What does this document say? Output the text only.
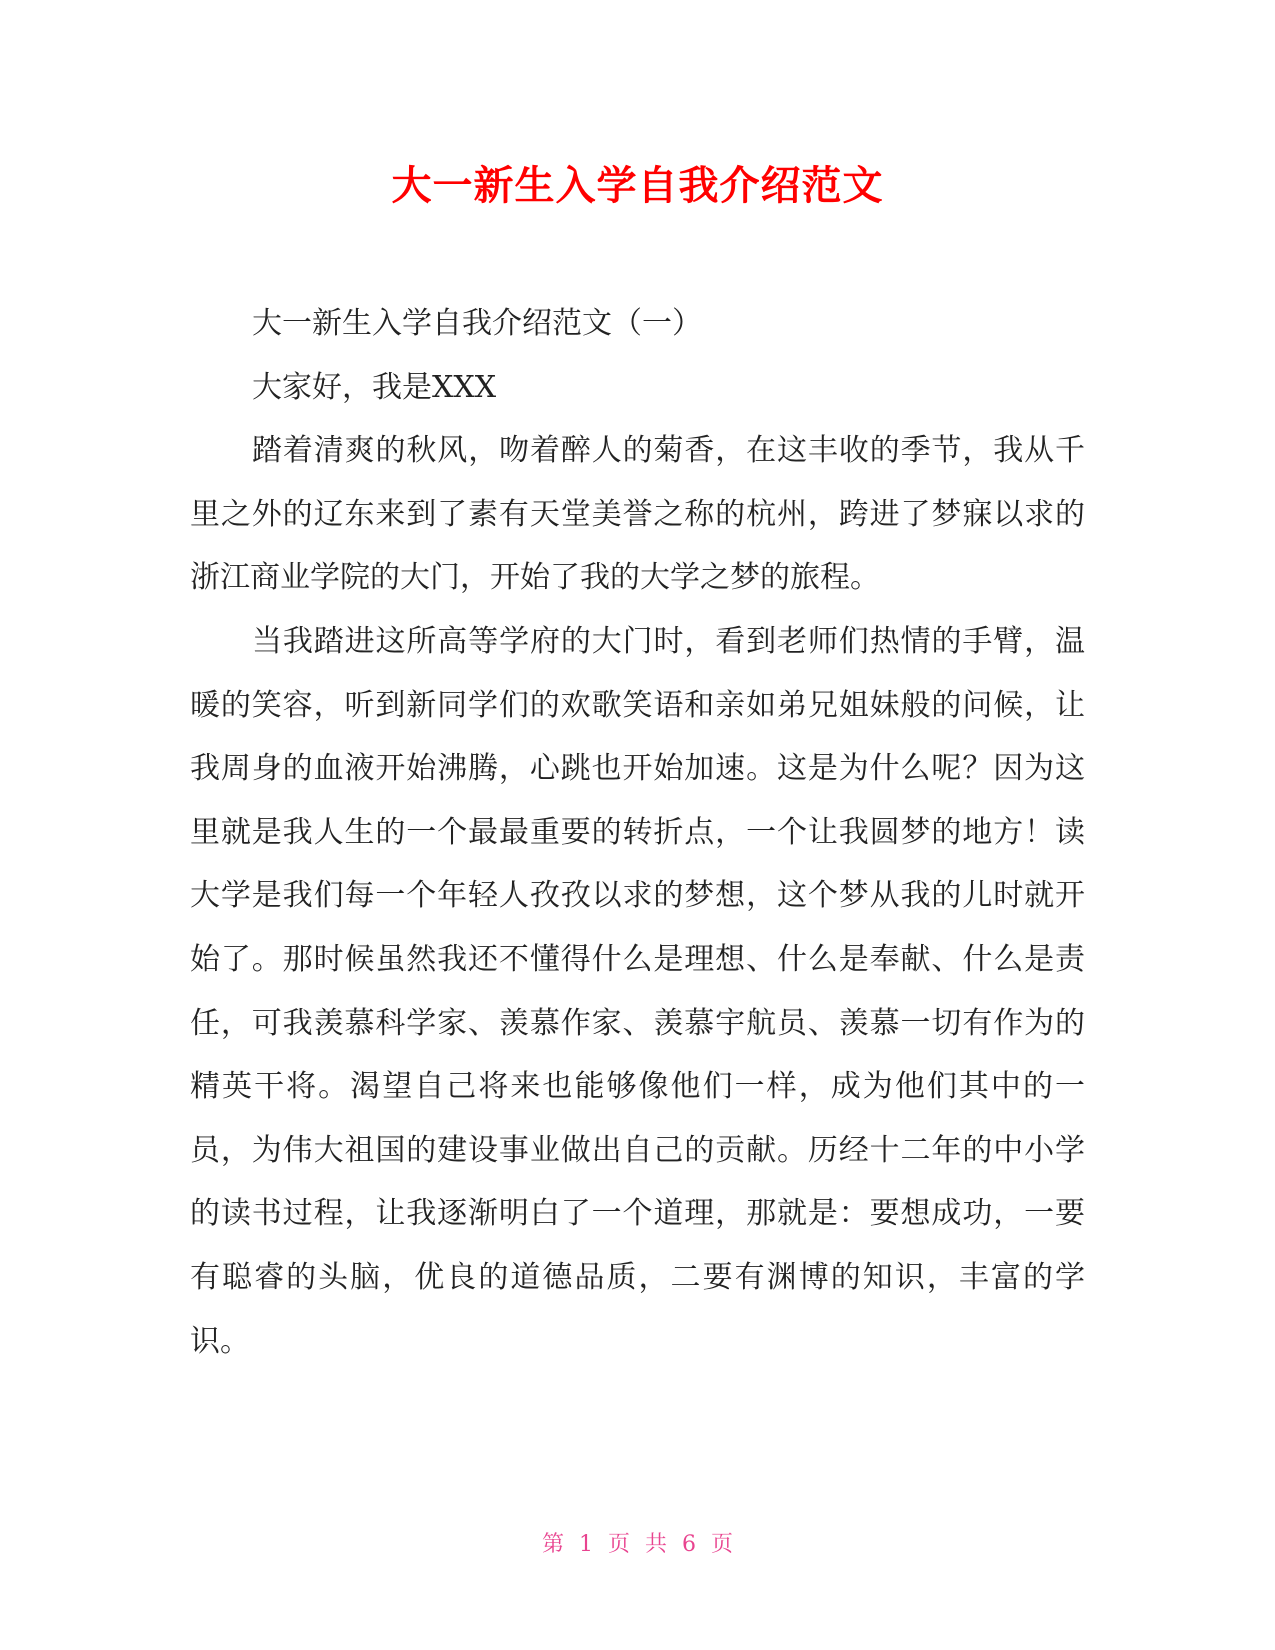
大一新生入学自我介绍范文

大一新生入学自我介绍范文（一）

大家好，我是XXX

踏着清爽的秋风，吻着醉人的菊香，在这丰收的季节，我从千里之外的辽东来到了素有天堂美誉之称的杭州，跨进了梦寐以求的浙江商业学院的大门，开始了我的大学之梦的旅程。

当我踏进这所高等学府的大门时，看到老师们热情的手臂，温暖的笑容，听到新同学们的欢歌笑语和亲如弟兄姐妹般的问候，让我周身的血液开始沸腾，心跳也开始加速。这是为什么呢？因为这里就是我人生的一个最最重要的转折点，一个让我圆梦的地方！读大学是我们每一个年轻人孜孜以求的梦想，这个梦从我的儿时就开始了。那时候虽然我还不懂得什么是理想、什么是奉献、什么是责任，可我羡慕科学家、羡慕作家、羡慕宇航员、羡慕一切有作为的精英干将。渴望自己将来也能够像他们一样，成为他们其中的一员，为伟大祖国的建设事业做出自己的贡献。历经十二年的中小学的读书过程，让我逐渐明白了一个道理，那就是：要想成功，一要有聪睿的头脑，优良的道德品质，二要有渊博的知识，丰富的学识。

第 1 页 共 6 页
